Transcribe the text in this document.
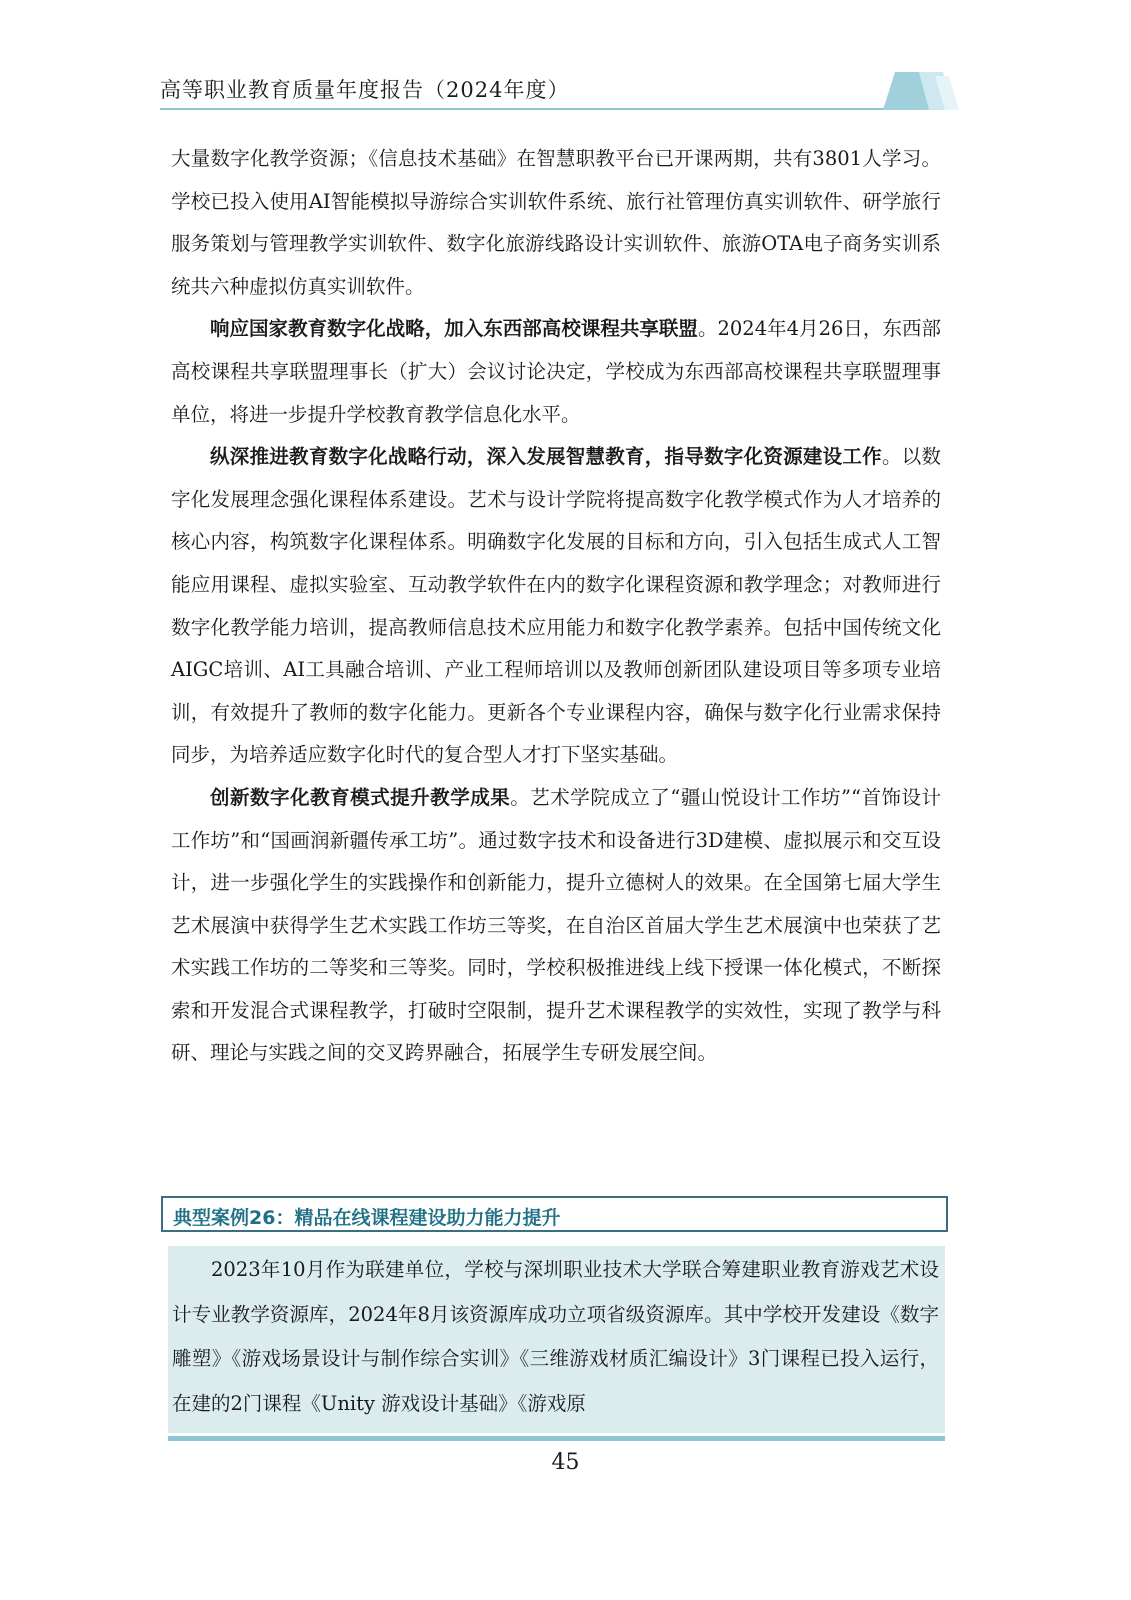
高等职业教育质量年度报告（2024年度）

大量数字化教学资源；《信息技术基础》在智慧职教平台已开课两期，共有3801人学习。学校已投入使用AI智能模拟导游综合实训软件系统、旅行社管理仿真实训软件、研学旅行服务策划与管理教学实训软件、数字化旅游线路设计实训软件、旅游OTA电子商务实训系统共六种虚拟仿真实训软件。

响应国家教育数字化战略，加入东西部高校课程共享联盟。2024年4月26日，东西部高校课程共享联盟理事长（扩大）会议讨论决定，学校成为东西部高校课程共享联盟理事单位，将进一步提升学校教育教学信息化水平。

纵深推进教育数字化战略行动，深入发展智慧教育，指导数字化资源建设工作。以数字化发展理念强化课程体系建设。艺术与设计学院将提高数字化教学模式作为人才培养的核心内容，构筑数字化课程体系。明确数字化发展的目标和方向，引入包括生成式人工智能应用课程、虚拟实验室、互动教学软件在内的数字化课程资源和教学理念；对教师进行数字化教学能力培训，提高教师信息技术应用能力和数字化教学素养。包括中国传统文化AIGC培训、AI工具融合培训、产业工程师培训以及教师创新团队建设项目等多项专业培训，有效提升了教师的数字化能力。更新各个专业课程内容，确保与数字化行业需求保持同步，为培养适应数字化时代的复合型人才打下坚实基础。

创新数字化教育模式提升教学成果。艺术学院成立了“疆山悦设计工作坊”“首饰设计工作坊”和“国画润新疆传承工坊”。通过数字技术和设备进行3D建模、虚拟展示和交互设计，进一步强化学生的实践操作和创新能力，提升立德树人的效果。在全国第七届大学生艺术展演中获得学生艺术实践工作坊三等奖，在自治区首届大学生艺术展演中也荣获了艺术实践工作坊的二等奖和三等奖。同时，学校积极推进线上线下授课一体化模式，不断探索和开发混合式课程教学，打破时空限制，提升艺术课程教学的实效性，实现了教学与科研、理论与实践之间的交叉跨界融合，拓展学生专研发展空间。

典型案例26：精品在线课程建设助力能力提升

2023年10月作为联建单位，学校与深圳职业技术大学联合筹建职业教育游戏艺术设计专业教学资源库，2024年8月该资源库成功立项省级资源库。其中学校开发建设《数字雕塑》《游戏场景设计与制作综合实训》《三维游戏材质汇编设计》3门课程已投入运行，在建的2门课程《Unity 游戏设计基础》《游戏原

45
